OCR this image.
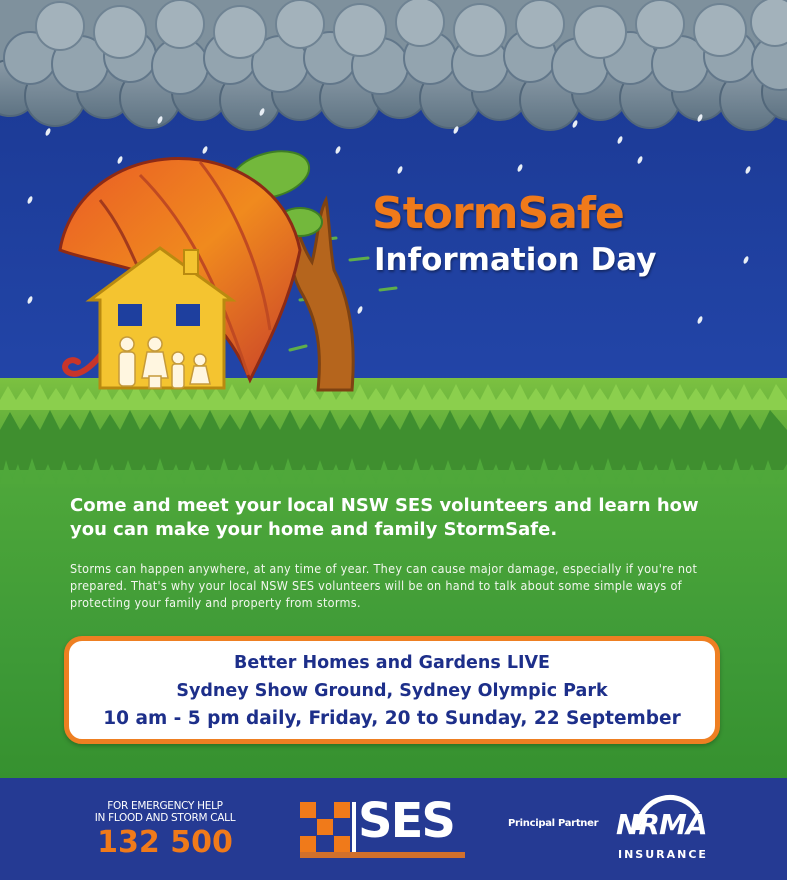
StormSafe
Information Day
Come and meet your local NSW SES volunteers and learn how you can make your home and family StormSafe.
Storms can happen anywhere, at any time of year. They can cause major damage, especially if you're not prepared. That's why your local NSW SES volunteers will be on hand to talk about some simple ways of protecting your family and property from storms.
Better Homes and Gardens LIVE
Sydney Show Ground, Sydney Olympic Park
10 am - 5 pm daily, Friday, 20 to Sunday, 22 September
FOR EMERGENCY HELP
IN FLOOD AND STORM CALL
132 500	SES	Principal Partner NRMA
INSURANCE
